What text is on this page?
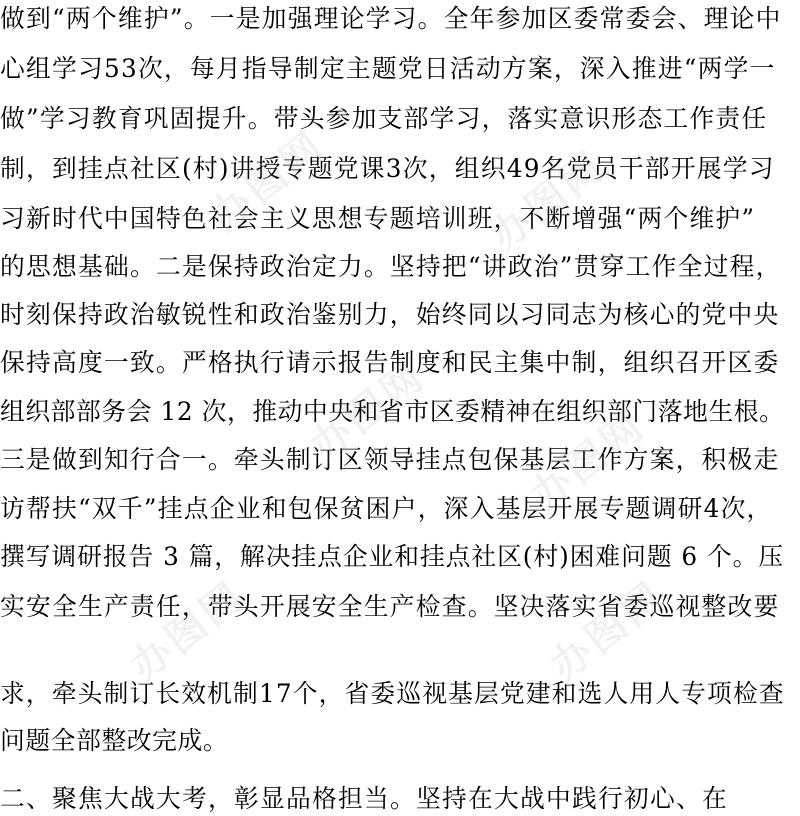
做到“两个维护”。一是加强理论学习。全年参加区委常委会、理论中
心组学习53次，每月指导制定主题党日活动方案，深入推进“两学一
做”学习教育巩固提升。带头参加支部学习，落实意识形态工作责任
制，到挂点社区(村)讲授专题党课3次，组织49名党员干部开展学习
习新时代中国特色社会主义思想专题培训班，不断增强“两个维护”
的思想基础。二是保持政治定力。坚持把“讲政治”贯穿工作全过程，
时刻保持政治敏锐性和政治鉴别力，始终同以习同志为核心的党中央
保持高度一致。严格执行请示报告制度和民主集中制，组织召开区委
组织部部务会 12 次，推动中央和省市区委精神在组织部门落地生根。
三是做到知行合一。牵头制订区领导挂点包保基层工作方案，积极走
访帮扶“双千”挂点企业和包保贫困户，深入基层开展专题调研4次，
撰写调研报告 3 篇，解决挂点企业和挂点社区(村)困难问题 6 个。压
实安全生产责任，带头开展安全生产检查。坚决落实省委巡视整改要
求，牵头制订长效机制17个，省委巡视基层党建和选人用人专项检查
问题全部整改完成。
二、聚焦大战大考，彰显品格担当。坚持在大战中践行初心、在
办图网	办图网
办图网 办图网
办图网	办图网
